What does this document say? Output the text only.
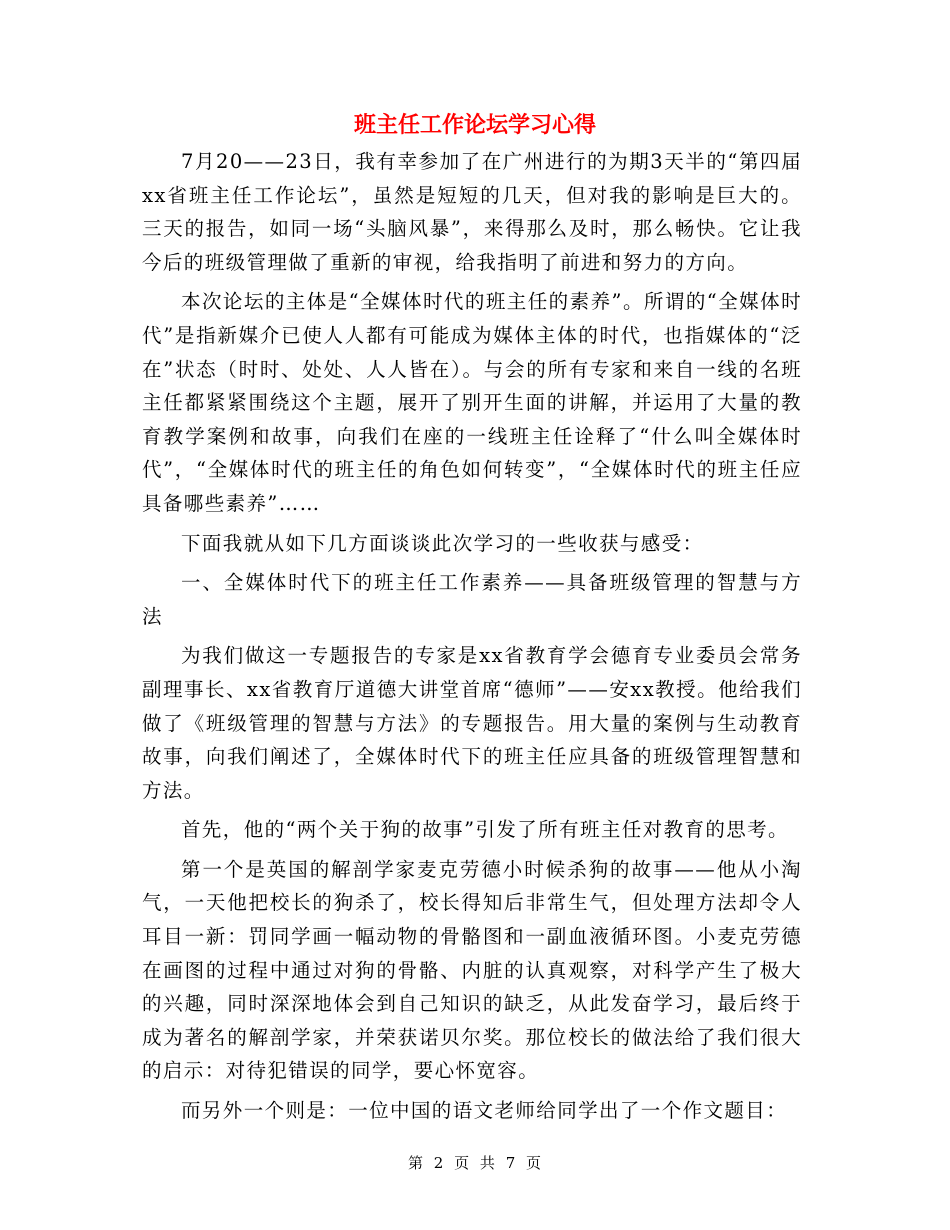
班主任工作论坛学习心得

7月20——23日，我有幸参加了在广州进行的为期3天半的“第四届xx省班主任工作论坛”，虽然是短短的几天，但对我的影响是巨大的。三天的报告，如同一场“头脑风暴”，来得那么及时，那么畅快。它让我今后的班级管理做了重新的审视，给我指明了前进和努力的方向。

本次论坛的主体是“全媒体时代的班主任的素养”。所谓的“全媒体时代”是指新媒介已使人人都有可能成为媒体主体的时代，也指媒体的“泛在”状态（时时、处处、人人皆在）。与会的所有专家和来自一线的名班主任都紧紧围绕这个主题，展开了别开生面的讲解，并运用了大量的教育教学案例和故事，向我们在座的一线班主任诠释了“什么叫全媒体时代”，“全媒体时代的班主任的角色如何转变”，“全媒体时代的班主任应具备哪些素养”……

下面我就从如下几方面谈谈此次学习的一些收获与感受：

一、全媒体时代下的班主任工作素养——具备班级管理的智慧与方法

为我们做这一专题报告的专家是xx省教育学会德育专业委员会常务副理事长、xx省教育厅道德大讲堂首席“德师”——安xx教授。他给我们做了《班级管理的智慧与方法》的专题报告。用大量的案例与生动教育故事，向我们阐述了，全媒体时代下的班主任应具备的班级管理智慧和方法。

首先，他的“两个关于狗的故事”引发了所有班主任对教育的思考。

第一个是英国的解剖学家麦克劳德小时候杀狗的故事——他从小淘气，一天他把校长的狗杀了，校长得知后非常生气，但处理方法却令人耳目一新：罚同学画一幅动物的骨骼图和一副血液循环图。小麦克劳德在画图的过程中通过对狗的骨骼、内脏的认真观察，对科学产生了极大的兴趣，同时深深地体会到自己知识的缺乏，从此发奋学习，最后终于成为著名的解剖学家，并荣获诺贝尔奖。那位校长的做法给了我们很大的启示：对待犯错误的同学，要心怀宽容。

而另外一个则是：一位中国的语文老师给同学出了一个作文题目：

第 2 页 共 7 页
